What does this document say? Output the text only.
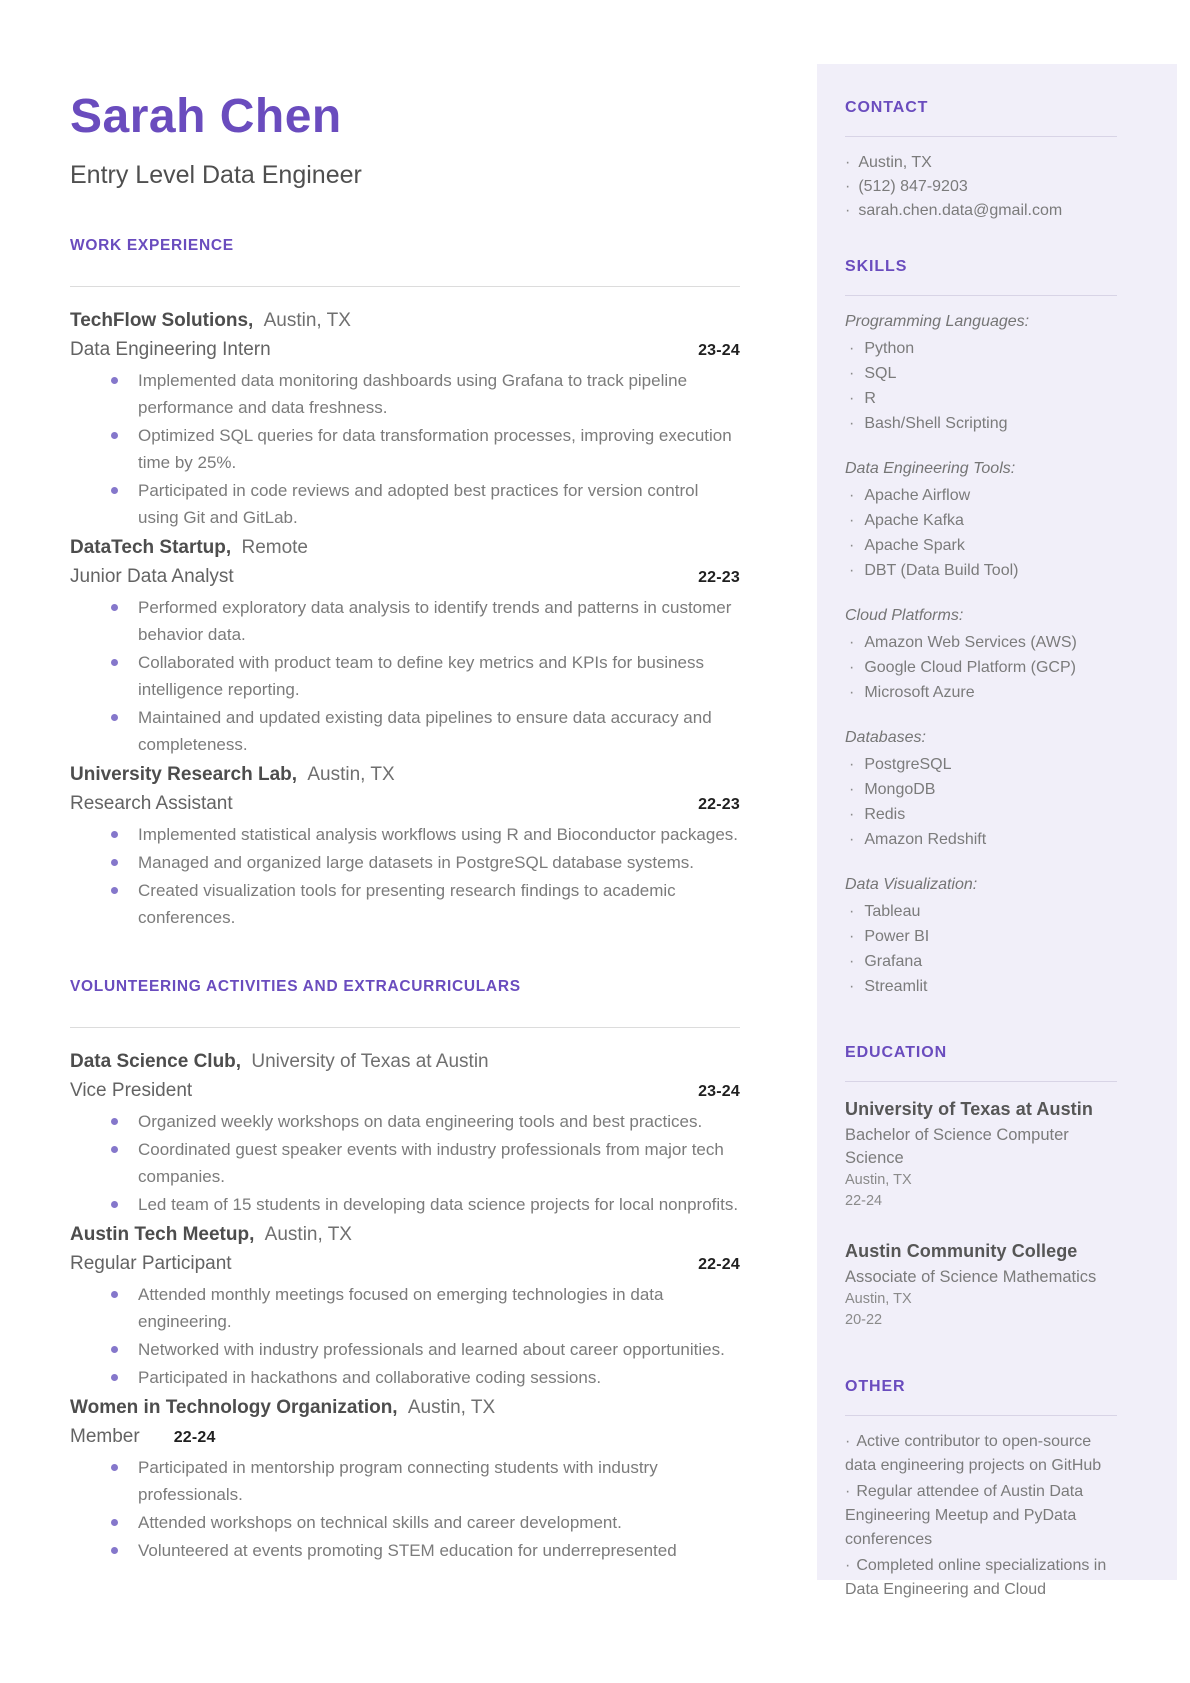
Sarah Chen
Entry Level Data Engineer
WORK EXPERIENCE
TechFlow Solutions, Austin, TX
Data Engineering Intern	23-24
Implemented data monitoring dashboards using Grafana to track pipeline performance and data freshness.
Optimized SQL queries for data transformation processes, improving execution time by 25%.
Participated in code reviews and adopted best practices for version control using Git and GitLab.
DataTech Startup, Remote
Junior Data Analyst	22-23
Performed exploratory data analysis to identify trends and patterns in customer behavior data.
Collaborated with product team to define key metrics and KPIs for business intelligence reporting.
Maintained and updated existing data pipelines to ensure data accuracy and completeness.
University Research Lab, Austin, TX
Research Assistant	22-23
Implemented statistical analysis workflows using R and Bioconductor packages.
Managed and organized large datasets in PostgreSQL database systems.
Created visualization tools for presenting research findings to academic conferences.
VOLUNTEERING ACTIVITIES AND EXTRACURRICULARS
Data Science Club, University of Texas at Austin
Vice President	23-24
Organized weekly workshops on data engineering tools and best practices.
Coordinated guest speaker events with industry professionals from major tech companies.
Led team of 15 students in developing data science projects for local nonprofits.
Austin Tech Meetup, Austin, TX
Regular Participant	22-24
Attended monthly meetings focused on emerging technologies in data engineering.
Networked with industry professionals and learned about career opportunities.
Participated in hackathons and collaborative coding sessions.
Women in Technology Organization, Austin, TX
Member 22-24
Participated in mentorship program connecting students with industry professionals.
Attended workshops on technical skills and career development.
Volunteered at events promoting STEM education for underrepresented
CONTACT
· Austin, TX
· (512) 847-9203
· sarah.chen.data@gmail.com
SKILLS
Programming Languages:
· Python
· SQL
· R
· Bash/Shell Scripting
Data Engineering Tools:
· Apache Airflow
· Apache Kafka
· Apache Spark
· DBT (Data Build Tool)
Cloud Platforms:
· Amazon Web Services (AWS)
· Google Cloud Platform (GCP)
· Microsoft Azure
Databases:
· PostgreSQL
· MongoDB
· Redis
· Amazon Redshift
Data Visualization:
· Tableau
· Power BI
· Grafana
· Streamlit
EDUCATION
University of Texas at Austin
Bachelor of Science Computer Science
Austin, TX
22-24
Austin Community College
Associate of Science Mathematics
Austin, TX
20-22
OTHER
· Active contributor to open-source data engineering projects on GitHub
· Regular attendee of Austin Data Engineering Meetup and PyData conferences
· Completed online specializations in Data Engineering and Cloud
